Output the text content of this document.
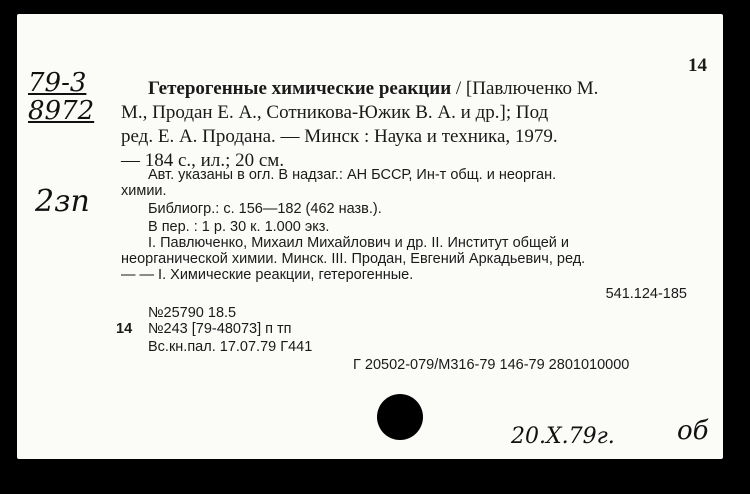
14
79-3
8972
2зп
Гетерогенные химические реакции / [Павлюченко М.
М., Продан Е. А., Сотникова-Южик В. А. и др.]; Под
ред. Е. А. Продана. — Минск : Наука и техника, 1979.
— 184 с., ил.; 20 см.
Авт. указаны в огл. В надзаг.: АН БССР, Ин-т общ. и неорган.
химии.
Библиогр.: с. 156—182 (462 назв.).
В пер. : 1 р. 30 к. 1.000 экз.
I. Павлюченко, Михаил Михайлович и др. II. Институт общей и
неорганической химии. Минск. III. Продан, Евгений Аркадьевич, ред.
— — I. Химические реакции, гетерогенные.
541.124-185
№25790 18.5
14 №243 [79-48073] п тп
Вс.кн.пал. 17.07.79 Г441
Г 20502-079/М316-79 146-79 2801010000
20.X.79г. об
